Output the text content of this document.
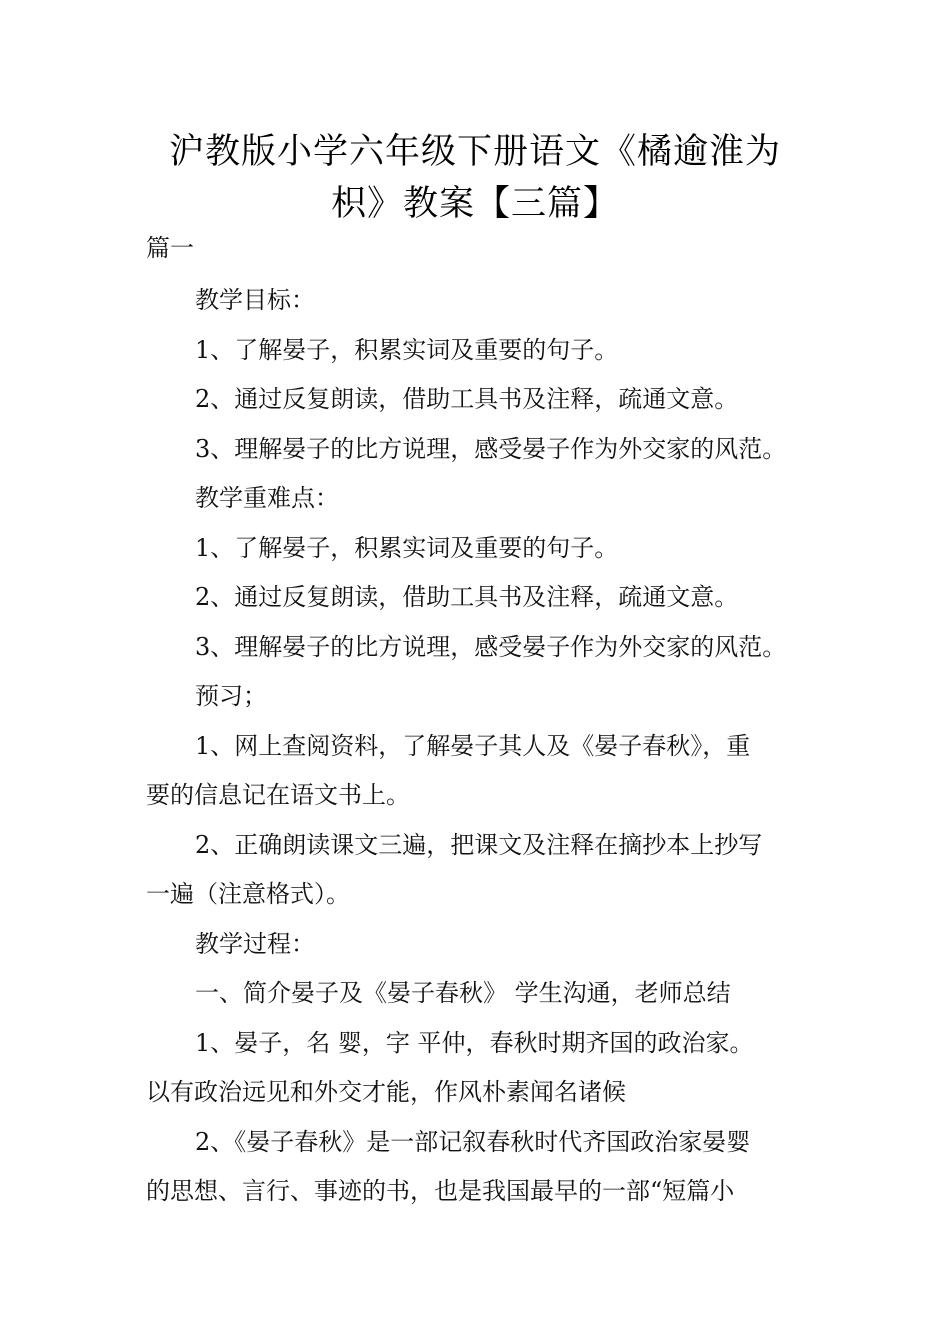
沪教版小学六年级下册语文《橘逾淮为
枳》教案【三篇】
篇一
教学目标：
1、了解晏子，积累实词及重要的句子。
2、通过反复朗读，借助工具书及注释，疏通文意。
3、理解晏子的比方说理，感受晏子作为外交家的风范。
教学重难点：
1、了解晏子，积累实词及重要的句子。
2、通过反复朗读，借助工具书及注释，疏通文意。
3、理解晏子的比方说理，感受晏子作为外交家的风范。
预习；
1、网上查阅资料，了解晏子其人及《晏子春秋》，重
要的信息记在语文书上。
2、正确朗读课文三遍，把课文及注释在摘抄本上抄写
一遍（注意格式）。
教学过程：
一、简介晏子及《晏子春秋》 学生沟通，老师总结
1、晏子，名 婴，字 平仲，春秋时期齐国的政治家。
以有政治远见和外交才能，作风朴素闻名诸候
2、《晏子春秋》是一部记叙春秋时代齐国政治家晏婴
的思想、言行、事迹的书，也是我国最早的一部“短篇小
